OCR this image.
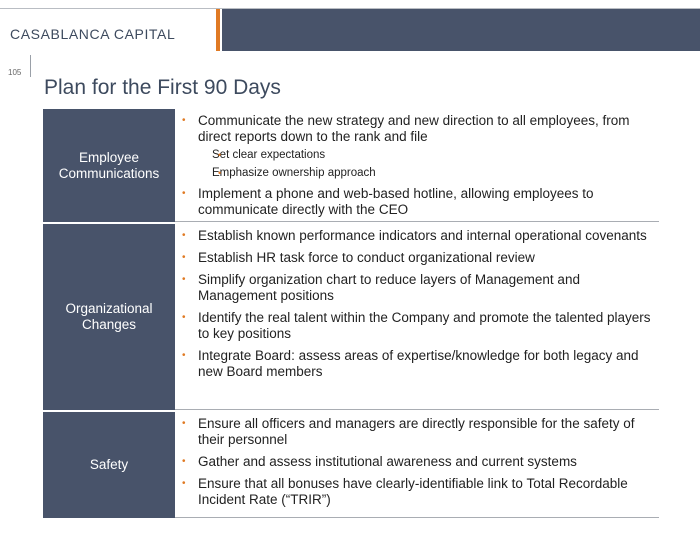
CASABLANCA CAPITAL
105
Plan for the First 90 Days
Employee Communications
• Communicate the new strategy and new direction to all employees, from direct reports down to the rank and file
• Set clear expectations
• Emphasize ownership approach
• Implement a phone and web-based hotline, allowing employees to communicate directly with the CEO
Organizational Changes
• Establish known performance indicators and internal operational covenants
• Establish HR task force to conduct organizational review
• Simplify organization chart to reduce layers of Management and Management positions
• Identify the real talent within the Company and promote the talented players to key positions
• Integrate Board: assess areas of expertise/knowledge for both legacy and new Board members
Safety
• Ensure all officers and managers are directly responsible for the safety of their personnel
• Gather and assess institutional awareness and current systems
• Ensure that all bonuses have clearly-identifiable link to Total Recordable Incident Rate (“TRIR”)
